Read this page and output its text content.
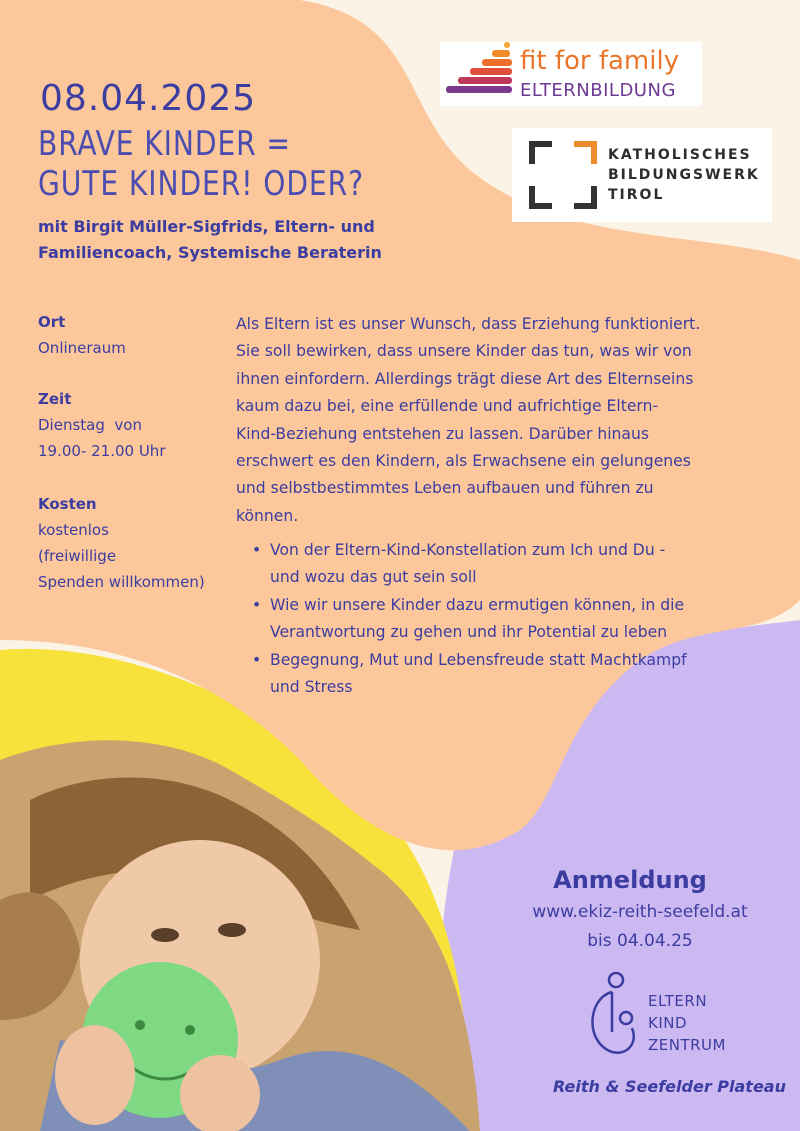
08.04.2025
BRAVE KINDER =
GUTE KINDER! ODER?
mit Birgit Müller-Sigfrids, Eltern- und
Familiencoach, Systemische Beraterin
fit for family
ELTERNBILDUNG
KATHOLISCHES
BILDUNGSWERK
TIROL
Ort
Onlineraum
Zeit
Dienstag  von
19.00- 21.00 Uhr
Kosten
kostenlos
(freiwillige
Spenden willkommen)
Als Eltern ist es unser Wunsch, dass Erziehung funktioniert.
Sie soll bewirken, dass unsere Kinder das tun, was wir von
ihnen einfordern. Allerdings trägt diese Art des Elternseins
kaum dazu bei, eine erfüllende und aufrichtige Eltern-
Kind-Beziehung entstehen zu lassen. Darüber hinaus
erschwert es den Kindern, als Erwachsene ein gelungenes
und selbstbestimmtes Leben aufbauen und führen zu
können.
• Von der Eltern-Kind-Konstellation zum Ich und Du -
und wozu das gut sein soll
• Wie wir unsere Kinder dazu ermutigen können, in die
Verantwortung zu gehen und ihr Potential zu leben
• Begegnung, Mut und Lebensfreude statt Machtkampf
und Stress
Anmeldung
www.ekiz-reith-seefeld.at
bis 04.04.25
ELTERN
KIND
ZENTRUM
Reith & Seefelder Plateau
